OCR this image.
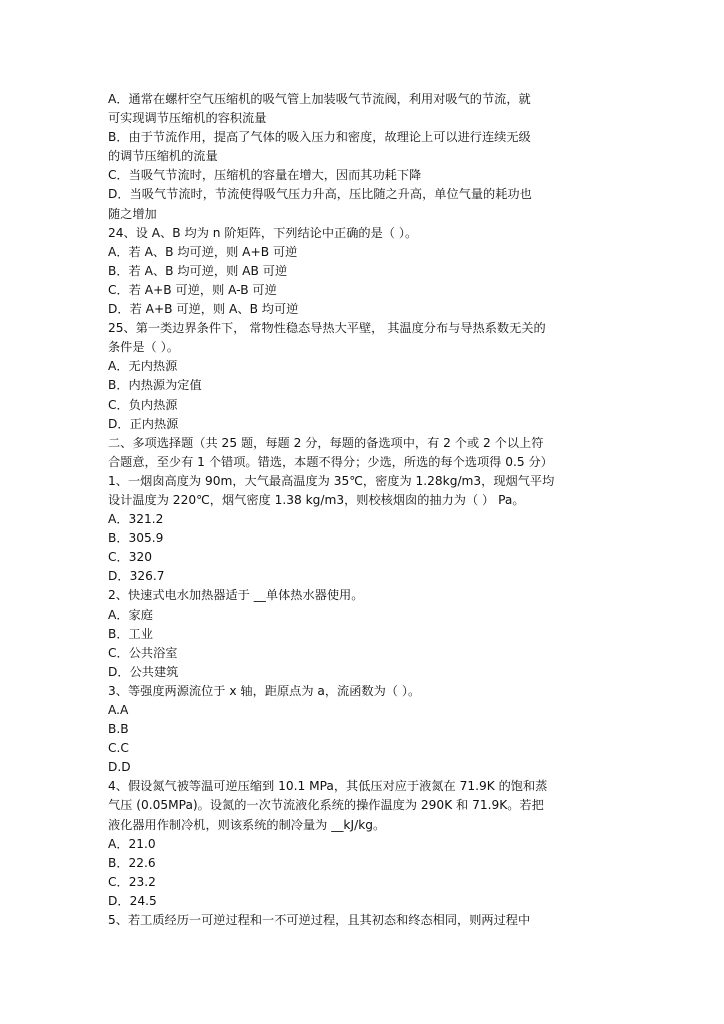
A．通常在螺杆空气压缩机的吸气管上加装吸气节流阀，利用对吸气的节流，就
可实现调节压缩机的容积流量
B．由于节流作用，提高了气体的吸入压力和密度，故理论上可以进行连续无级
的调节压缩机的流量
C．当吸气节流时，压缩机的容量在增大，因而其功耗下降
D．当吸气节流时，节流使得吸气压力升高，压比随之升高，单位气量的耗功也
随之增加
24、设 A、B 均为 n 阶矩阵，下列结论中正确的是（ ）。
A．若 A、B 均可逆，则 A+B 可逆
B．若 A、B 均可逆，则 AB 可逆
C．若 A+B 可逆，则 A-B 可逆
D．若 A+B 可逆，则 A、B 均可逆
25、第一类边界条件下， 常物性稳态导热大平壁， 其温度分布与导热系数无关的
条件是（ ）。
A．无内热源
B．内热源为定值
C．负内热源
D．正内热源
二、多项选择题（共 25 题，每题 2 分，每题的备选项中，有 2 个或 2 个以上符
合题意，至少有 1 个错项。错选，本题不得分；少选，所选的每个选项得 0.5 分）
1、一烟囱高度为 90m，大气最高温度为 35℃，密度为 1.28kg/m3，现烟气平均
设计温度为 220℃，烟气密度 1.38 kg/m3，则校核烟囱的抽力为（ ） Pa。
A．321.2
B．305.9
C．320
D．326.7
2、快速式电水加热器适于 __单体热水器使用。
A．家庭
B．工业
C．公共浴室
D．公共建筑
3、等强度两源流位于 x 轴，距原点为 a，流函数为（ ）。
A.A
B.B
C.C
D.D
4、假设氮气被等温可逆压缩到 10.1 MPa，其低压对应于液氮在 71.9K 的饱和蒸
气压 (0.05MPa)。设氮的一次节流液化系统的操作温度为 290K 和 71.9K。若把
液化器用作制冷机，则该系统的制冷量为 __kJ/kg。
A．21.0
B．22.6
C．23.2
D．24.5
5、若工质经历一可逆过程和一不可逆过程，且其初态和终态相同，则两过程中
